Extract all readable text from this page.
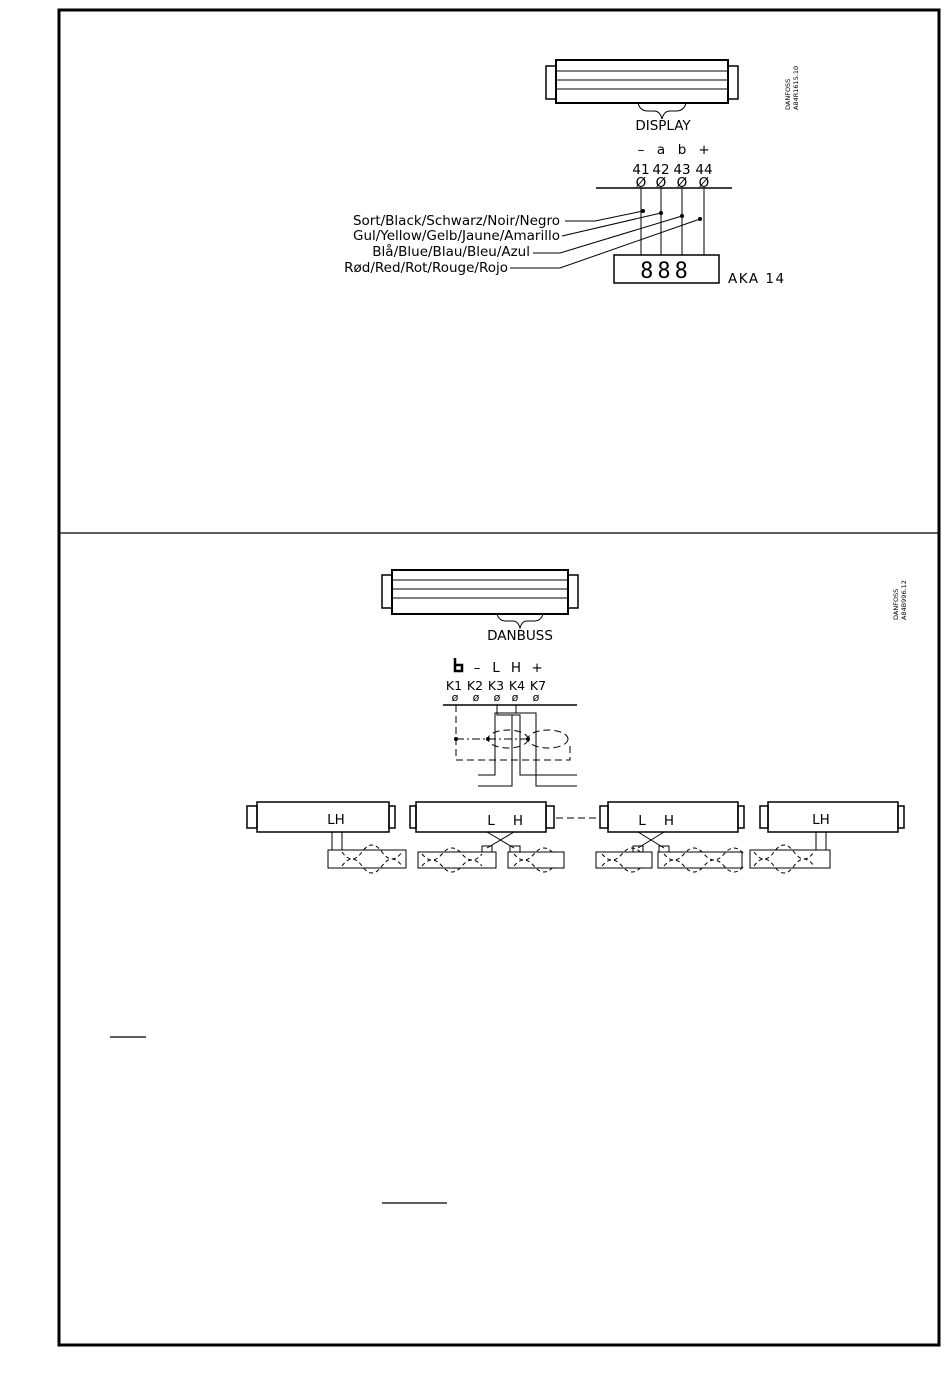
DISPLAY
DANFOSS A84R1615.10
– a b +
41 42 43 44
Ø Ø Ø Ø
Sort/Black/Schwarz/Noir/Negro
Gul/Yellow/Gelb/Jaune/Amarillo
Blå/Blue/Blau/Bleu/Azul
Rød/Red/Rot/Rouge/Rojo	888	AKA 14
DANBUSS
DANFOSS A84B996.12
– L H +
K1 K2 K3 K4 K7
ø ø ø ø ø
LH	L H	L H	LH
